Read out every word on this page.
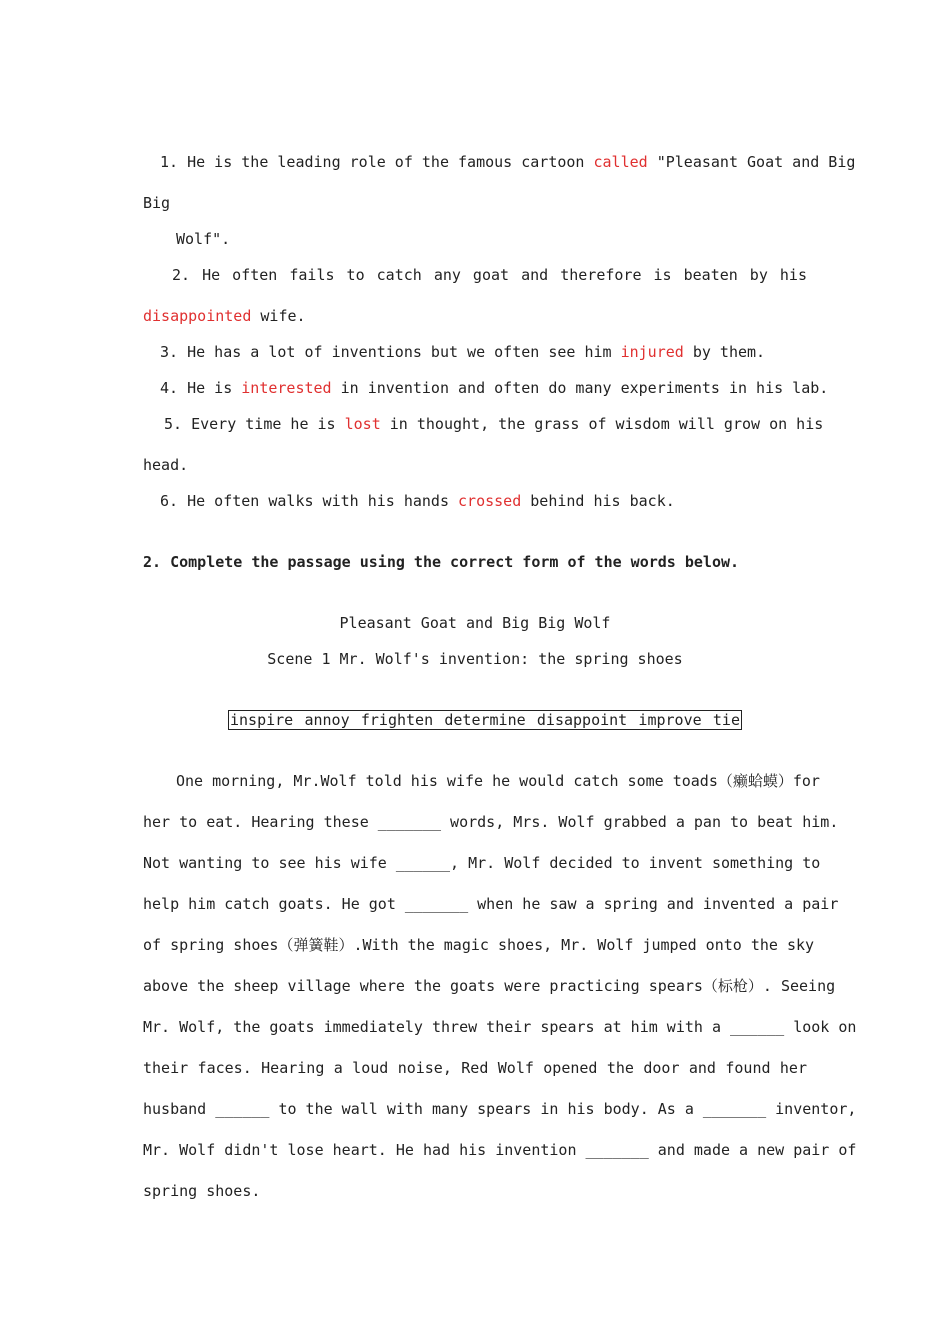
1. He is the leading role of the famous cartoon called "Pleasant Goat and Big
Big
Wolf".
2. He often fails to catch any goat and therefore is beaten by his
disappointed wife.
3. He has a lot of inventions but we often see him injured by them.
4. He is interested in invention and often do many experiments in his lab.
5. Every time he is lost in thought, the grass of wisdom will grow on his
head.
6. He often walks with his hands crossed behind his back.
2. Complete the passage using the correct form of the words below.
Pleasant Goat and Big Big Wolf
Scene 1 Mr. Wolf's invention: the spring shoes
inspire annoy frighten determine disappoint improve tie
One morning, Mr.Wolf told his wife he would catch some toads（癞蛤蟆）for
her to eat. Hearing these _______ words, Mrs. Wolf grabbed a pan to beat him.
Not wanting to see his wife ______, Mr. Wolf decided to invent something to
help him catch goats. He got _______ when he saw a spring and invented a pair
of spring shoes（弹簧鞋）.With the magic shoes, Mr. Wolf jumped onto the sky
above the sheep village where the goats were practicing spears（标枪）. Seeing
Mr. Wolf, the goats immediately threw their spears at him with a ______ look on
their faces. Hearing a loud noise, Red Wolf opened the door and found her
husband ______ to the wall with many spears in his body. As a _______ inventor,
Mr. Wolf didn't lose heart. He had his invention _______ and made a new pair of
spring shoes.
